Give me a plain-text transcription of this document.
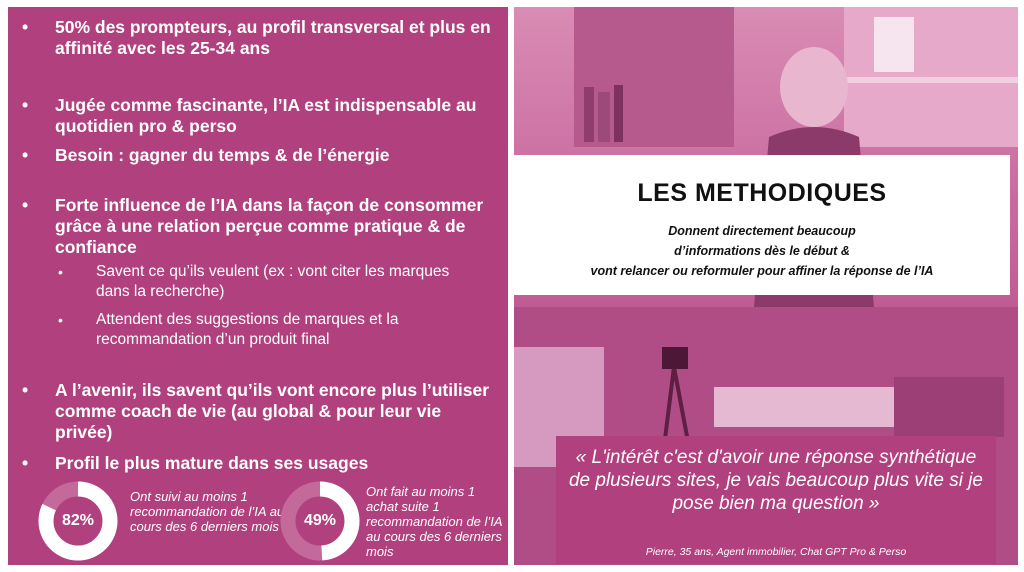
•	50% des prompteurs, au profil transversal et plus en affinité avec les 25-34 ans
•	Jugée comme fascinante, l’IA est indispensable au quotidien pro & perso
•	Besoin : gagner du temps & de l’énergie
•	Forte influence de l’IA dans la façon de consommer grâce à une relation perçue comme pratique & de confiance
•	Savent ce qu’ils veulent (ex : vont citer les marques dans la recherche)
•	Attendent des suggestions de marques et la recommandation d’un produit final
•	A l’avenir, ils savent qu’ils vont encore plus l’utiliser comme coach de vie (au global & pour leur vie privée)
•	Profil le plus mature dans ses usages
82%
Ont suivi au moins 1 recommandation de l’IA au cours des 6 derniers mois	49%
Ont fait au moins 1 achat suite 1 recommandation de l’IA au cours des 6 derniers mois
LES METHODIQUES
Donnent directement beaucoup
d’informations dès le début &
vont relancer ou reformuler pour affiner la réponse de l’IA
« L'intérêt c'est d'avoir une réponse synthétique de plusieurs sites, je vais beaucoup plus vite si je pose bien ma question »
Pierre, 35 ans, Agent immobilier, Chat GPT Pro & Perso
